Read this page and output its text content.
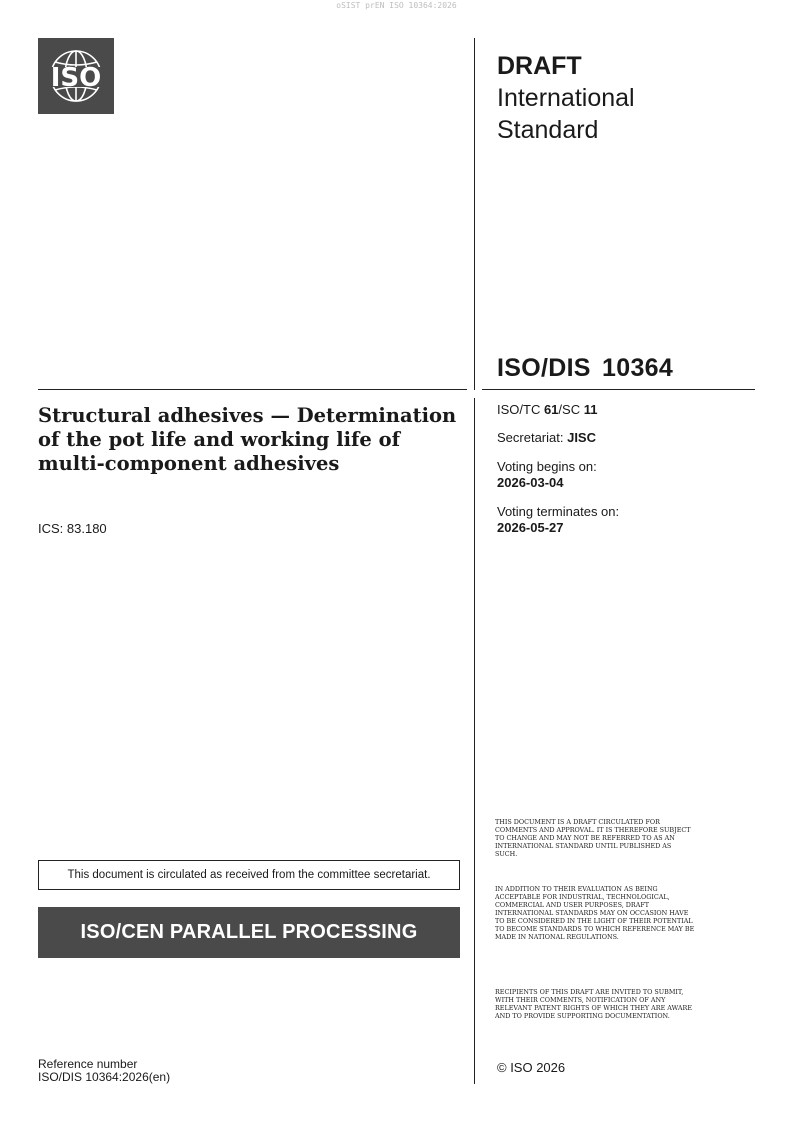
oSIST prEN ISO 10364:2026
ISO	DRAFT
International
Standard
ISO/DIS 10364
Structural adhesives — Determination of the pot life and working life of multi-component adhesives
ICS: 83.180
ISO/TC 61/SC 11
Secretariat: JISC
Voting begins on:
2026-03-04
Voting terminates on:
2026-05-27
This document is circulated as received from the committee secretariat.
ISO/CEN PARALLEL PROCESSING
Reference number
ISO/DIS 10364:2026(en)
THIS DOCUMENT IS A DRAFT CIRCULATED FOR COMMENTS AND APPROVAL. IT IS THEREFORE SUBJECT TO CHANGE AND MAY NOT BE REFERRED TO AS AN INTERNATIONAL STANDARD UNTIL PUBLISHED AS SUCH.
IN ADDITION TO THEIR EVALUATION AS BEING ACCEPTABLE FOR INDUSTRIAL, TECHNOLOGICAL, COMMERCIAL AND USER PURPOSES, DRAFT INTERNATIONAL STANDARDS MAY ON OCCASION HAVE TO BE CONSIDERED IN THE LIGHT OF THEIR POTENTIAL TO BECOME STANDARDS TO WHICH REFERENCE MAY BE MADE IN NATIONAL REGULATIONS.
RECIPIENTS OF THIS DRAFT ARE INVITED TO SUBMIT, WITH THEIR COMMENTS, NOTIFICATION OF ANY RELEVANT PATENT RIGHTS OF WHICH THEY ARE AWARE AND TO PROVIDE SUPPORTING DOCUMENTATION.
© ISO 2026
